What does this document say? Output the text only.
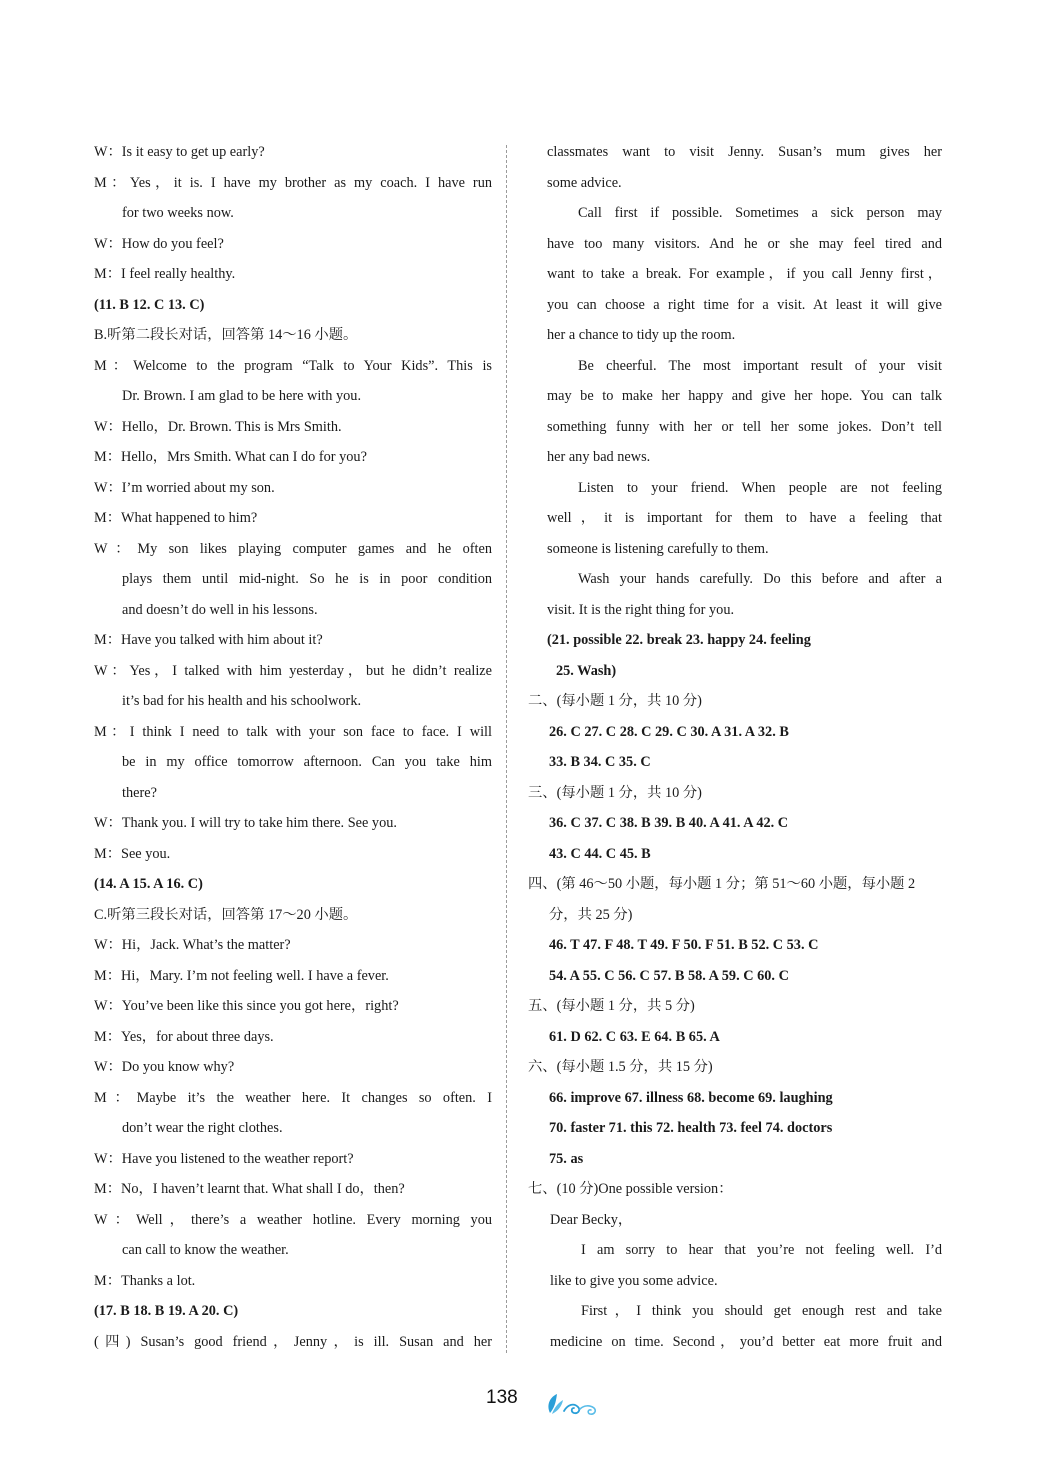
W：Is it easy to get up early?
M：Yes，it is. I have my brother as my coach. I have run
for two weeks now.
W：How do you feel?
M：I feel really healthy.
(11. B 12. C 13. C)
B.听第二段长对话，回答第 14～16 小题。
M：Welcome to the program “Talk to Your Kids”. This is
Dr. Brown. I am glad to be here with you.
W：Hello，Dr. Brown. This is Mrs Smith.
M：Hello，Mrs Smith. What can I do for you?
W：I’m worried about my son.
M：What happened to him?
W：My son likes playing computer games and he often
plays them until mid-night. So he is in poor condition
and doesn’t do well in his lessons.
M：Have you talked with him about it?
W：Yes，I talked with him yesterday，but he didn’t realize
it’s bad for his health and his schoolwork.
M：I think I need to talk with your son face to face. I will
be in my office tomorrow afternoon. Can you take him
there?
W：Thank you. I will try to take him there. See you.
M：See you.
(14. A 15. A 16. C)
C.听第三段长对话，回答第 17～20 小题。
W：Hi，Jack. What’s the matter?
M：Hi，Mary. I’m not feeling well. I have a fever.
W：You’ve been like this since you got here，right?
M：Yes，for about three days.
W：Do you know why?
M：Maybe it’s the weather here. It changes so often. I
don’t wear the right clothes.
W：Have you listened to the weather report?
M：No，I haven’t learnt that. What shall I do，then?
W：Well，there’s a weather hotline. Every morning you
can call to know the weather.
M：Thanks a lot.
(17. B 18. B 19. A 20. C)
(四) Susan’s good friend，Jenny，is ill. Susan and her
classmates want to visit Jenny. Susan’s mum gives her
some advice.
Call first if possible. Sometimes a sick person may
have too many visitors. And he or she may feel tired and
want to take a break. For example，if you call Jenny first，
you can choose a right time for a visit. At least it will give
her a chance to tidy up the room.
Be cheerful. The most important result of your visit
may be to make her happy and give her hope. You can talk
something funny with her or tell her some jokes. Don’t tell
her any bad news.
Listen to your friend. When people are not feeling
well，it is important for them to have a feeling that
someone is listening carefully to them.
Wash your hands carefully. Do this before and after a
visit. It is the right thing for you.
(21. possible 22. break 23. happy 24. feeling
25. Wash)
二、(每小题 1 分，共 10 分)
26. C 27. C 28. C 29. C 30. A 31. A 32. B
33. B 34. C 35. C
三、(每小题 1 分，共 10 分)
36. C 37. C 38. B 39. B 40. A 41. A 42. C
43. C 44. C 45. B
四、(第 46～50 小题，每小题 1 分；第 51～60 小题，每小题 2
分，共 25 分)
46. T 47. F 48. T 49. F 50. F 51. B 52. C 53. C
54. A 55. C 56. C 57. B 58. A 59. C 60. C
五、(每小题 1 分，共 5 分)
61. D 62. C 63. E 64. B 65. A
六、(每小题 1.5 分，共 15 分)
66. improve 67. illness 68. become 69. laughing
70. faster 71. this 72. health 73. feel 74. doctors
75. as
七、(10 分)One possible version：
Dear Becky，
I am sorry to hear that you’re not feeling well. I’d
like to give you some advice.
First，I think you should get enough rest and take
medicine on time. Second，you’d better eat more fruit and
138
